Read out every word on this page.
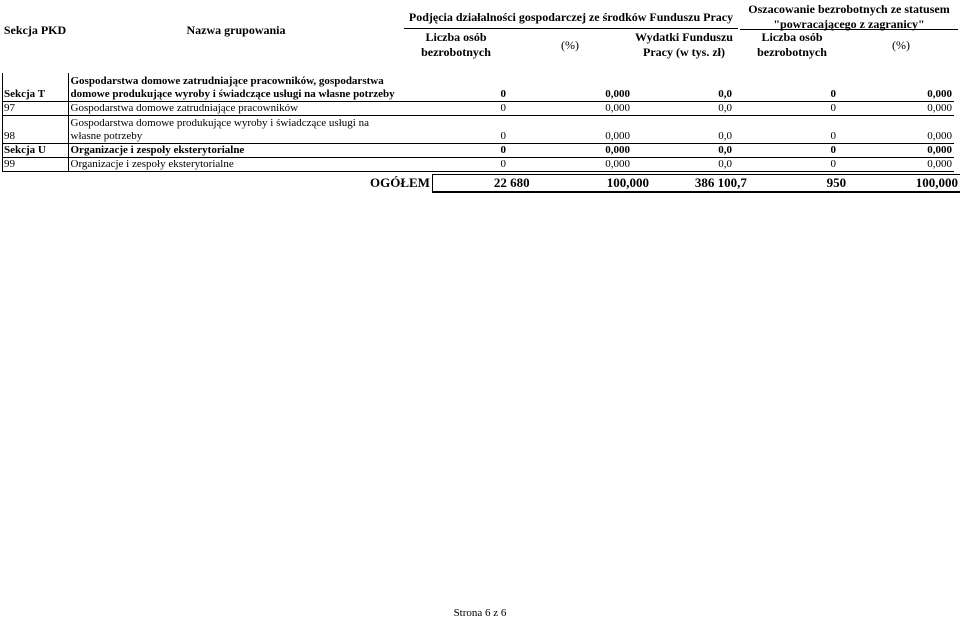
Sekcja PKD	Nazwa grupowania
Podjęcia działalności gospodarczej ze środków Funduszu Pracy
Liczba osób
bezrobotnych	(%)
Wydatki Funduszu
Pracy (w tys. zł)
Oszacowanie bezrobotnych ze statusem
"powracającego z zagranicy"
Liczba osób
bezrobotnych	(%)
Sekcja T	Gospodarstwa domowe zatrudniające pracowników, gospodarstwa domowe produkujące wyroby i świadczące usługi na własne potrzeby	0	0,000	0,0	0	0,000
97	Gospodarstwa domowe zatrudniające pracowników	0	0,000	0,0	0	0,000
98	Gospodarstwa domowe produkujące wyroby i świadczące usługi na własne potrzeby	0	0,000	0,0	0	0,000
Sekcja U	Organizacje i zespoły eksterytorialne	0	0,000	0,0	0	0,000
99	Organizacje i zespoły eksterytorialne	0	0,000	0,0	0	0,000
OGÓŁEM	22 680	100,000	386 100,7	950	100,000
Strona 6 z 6
